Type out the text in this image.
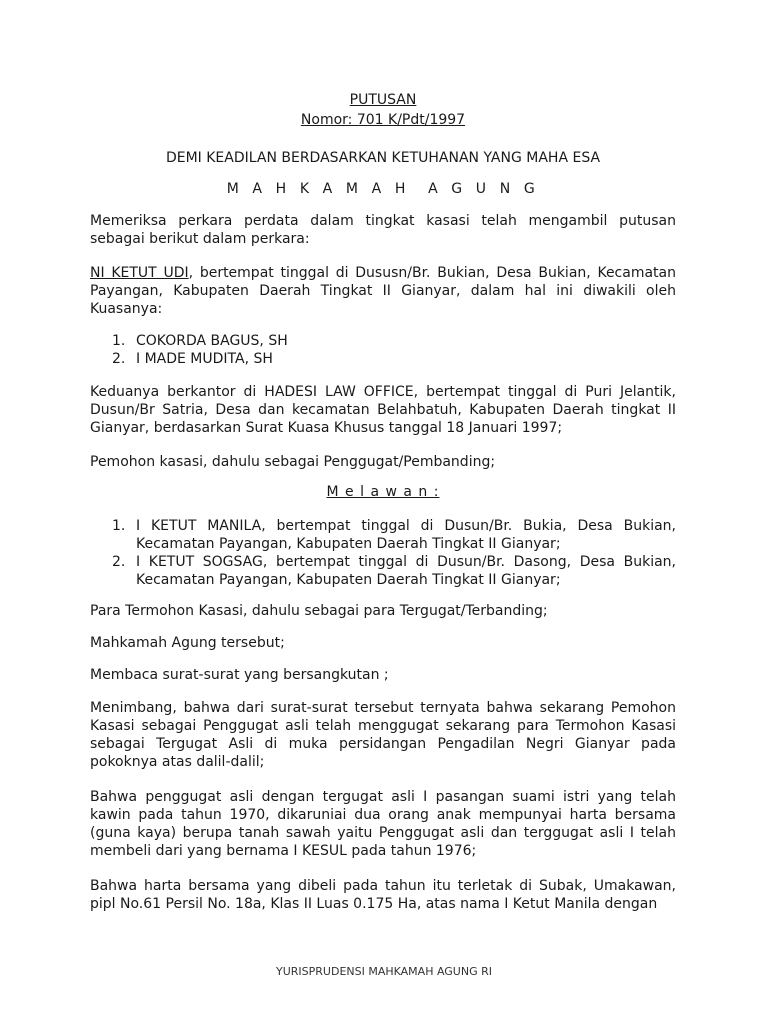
PUTUSAN
Nomor: 701 K/Pdt/1997
DEMI KEADILAN BERDASARKAN KETUHANAN YANG MAHA ESA
M A H K A M A H  A G U N G

Memeriksa perkara perdata dalam tingkat kasasi telah mengambil putusan sebagai berikut dalam perkara:

NI KETUT UDI, bertempat tinggal di Dususn/Br. Bukian, Desa Bukian, Kecamatan Payangan, Kabupaten Daerah Tingkat II Gianyar, dalam hal ini diwakili oleh Kuasanya:

1. COKORDA BAGUS, SH
2. I MADE MUDITA, SH

Keduanya berkantor di HADESI LAW OFFICE, bertempat tinggal di Puri Jelantik, Dusun/Br Satria, Desa dan kecamatan Belahbatuh, Kabupaten Daerah tingkat II Gianyar, berdasarkan Surat Kuasa Khusus tanggal 18 Januari 1997;

Pemohon kasasi, dahulu sebagai Penggugat/Pembanding;

M e l a w a n :
1. I KETUT MANILA, bertempat tinggal di Dusun/Br. Bukia, Desa Bukian, Kecamatan Payangan, Kabupaten Daerah Tingkat II Gianyar;
2. I KETUT SOGSAG, bertempat tinggal di Dusun/Br. Dasong, Desa Bukian, Kecamatan Payangan, Kabupaten Daerah Tingkat II Gianyar;

Para Termohon Kasasi, dahulu sebagai para Tergugat/Terbanding;

Mahkamah Agung tersebut;

Membaca surat-surat yang bersangkutan ;

Menimbang, bahwa dari surat-surat tersebut ternyata bahwa sekarang Pemohon Kasasi sebagai Penggugat asli telah menggugat sekarang para Termohon Kasasi sebagai Tergugat Asli di muka persidangan Pengadilan Negri Gianyar pada pokoknya atas dalil-dalil;

Bahwa penggugat asli dengan tergugat asli I pasangan suami istri yang telah kawin pada tahun 1970, dikaruniai dua orang anak mempunyai harta bersama (guna kaya) berupa tanah sawah yaitu Penggugat asli dan terggugat asli I telah membeli dari yang bernama I KESUL pada tahun 1976;

Bahwa harta bersama yang dibeli pada tahun itu terletak di Subak, Umakawan, pipl No.61 Persil No. 18a, Klas II Luas 0.175 Ha, atas nama I Ketut Manila dengan

YURISPRUDENSI MAHKAMAH AGUNG RI
